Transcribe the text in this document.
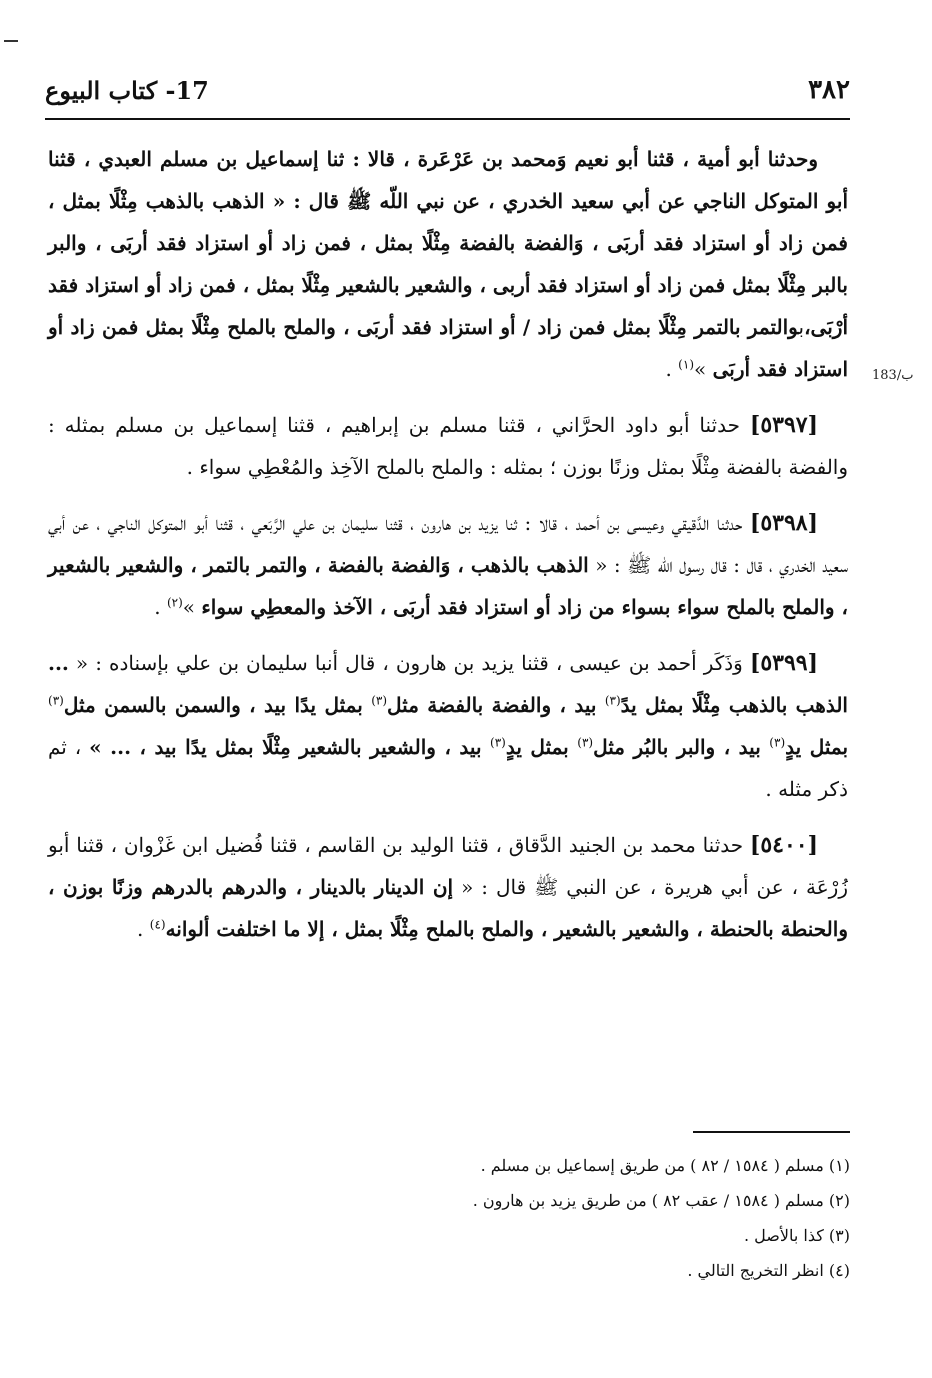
٣٨٢
17- كتاب البيوع
183/ب

وحدثنا أبو أمية ، قثنا أبو نعيم وَمحمد بن عَرْعَرة ، قالا : ثنا إسماعيل بن مسلم العبدي ، قثنا أبو المتوكل الناجي عن أبي سعيد الخدري ، عن نبي اللّه ﷺ قال : « الذهب بالذهب مِثْلًا بمثل ، فمن زاد أو استزاد فقد أربَى ، وَالفضة بالفضة مِثْلًا بمثل ، فمن زاد أو استزاد فقد أربَى ، والبر بالبر مِثْلًا بمثل فمن زاد أو استزاد فقد أربى ، والشعير بالشعير مِثْلًا بمثل ، فمن زاد أو استزاد فقد أرْبَى،بوالتمر بالتمر مِثْلًا بمثل فمن زاد / أو استزاد فقد أربَى ، والملح بالملح مِثْلًا بمثل فمن زاد أو استزاد فقد أربَى »$^{(١)}$ .

[٥٣٩٧] حدثنا أبو داود الحرَّاني ، قثنا مسلم بن إبراهيم ، قثنا إسماعيل بن مسلم بمثله : والفضة بالفضة مِثْلًا بمثل وزنًا بوزن ؛ بمثله : والملح بالملح الآخِذ والمُعْطِي سواء .

[٥٣٩٨] حدثنا الدَّقيقي وعيسى بن أحمد ، قالا : ثنا يزيد بن هارون ، قثنا سليمان بن علي الرَّبَعي ، قثنا أبو المتوكل الناجي ، عن أبي سعيد الخدري ، قال : قال رسول اللّه ﷺ : « الذهب بالذهب ، وَالفضة بالفضة ، والتمر بالتمر ، والشعير بالشعير ، والملح بالملح سواء بسواء من زاد أو استزاد فقد أربَى ، الآخذ والمعطِي سواء »$^{(٢)}$ .

[٥٣٩٩] وَذَكَر أحمد بن عيسى ، قثنا يزيد بن هارون ، قال أنبا سليمان بن علي بإسناده : « ... الذهب بالذهب مِثْلًا بمثل يدً$^{(٣)}$ بيد ، والفضة بالفضة مثل$^{(٣)}$ بمثل يدًا بيد ، والسمن بالسمن مثل$^{(٣)}$ بمثل يدٍ$^{(٣)}$ بيد ، والبر بالبُر مثل$^{(٣)}$ بمثل يدٍ$^{(٣)}$ بيد ، والشعير بالشعير مِثْلًا بمثل يدًا بيد ، ... » ، ثم ذكر مثله .

[٥٤٠٠] حدثنا محمد بن الجنيد الدَّقاق ، قثنا الوليد بن القاسم ، قثنا فُضيل ابن غَزْوان ، قثنا أبو زُرْعَة ، عن أبي هريرة ، عن النبي ﷺ قال : « إن الدينار بالدينار ، والدرهم بالدرهم وزنًا بوزن ، والحنطة بالحنطة ، والشعير بالشعير ، والملح بالملح مِثْلًا بمثل ، إلا ما اختلفت ألوانه$^{(٤)}$ .

(١) مسلم ( ١٥٨٤ / ٨٢ ) من طريق إسماعيل بن مسلم .

(٢) مسلم ( ١٥٨٤ / عقب ٨٢ ) من طريق يزيد بن هارون .

(٣) كذا بالأصل .

(٤) انظر التخريج التالي .
